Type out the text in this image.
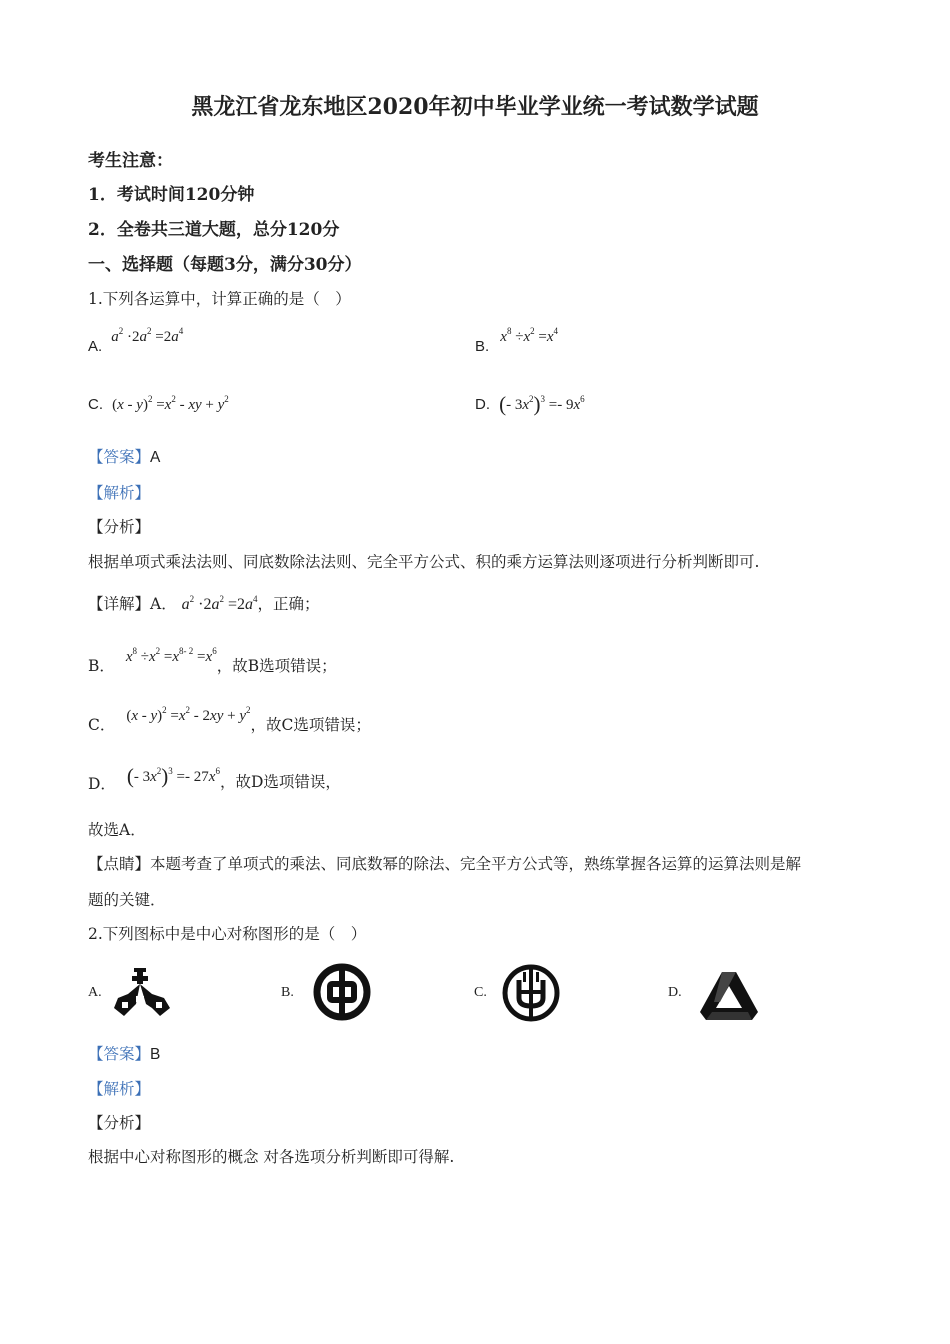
黑龙江省龙东地区2020年初中毕业学业统一考试数学试题
考生注意：
1．考试时间120分钟
2．全卷共三道大题，总分120分
一、选择题（每题3分，满分30分）
1.下列各运算中，计算正确的是（　）
A. $a^2 \cdot 2a^2 =2a^4$
B. $x^8 \div x^2 =x^4$
C. $(x - y)^2 =x^2$ - xy + $y^2$	D. (- $3x^2)^3 =- 9x^6$
【答案】A
【解析】
【分析】
根据单项式乘法法则、同底数除法法则、完全平方公式、积的乘方运算法则逐项进行分析判断即可.
【详解】A． $a^2 \cdot 2a^2 =2a^4$，正确；
B． $x^8 \div x^2 =x^{8- 2} =x^6$，故B选项错误；
C． $(x - y)^2 =x^2 - 2xy + y^2$，故C选项错误；
D． (- $3x^2)^3 =- 27x^6$，故D选项错误，
故选A．
【点睛】本题考查了单项式的乘法、同底数幂的除法、完全平方公式等，熟练掌握各运算的运算法则是解
题的关键．
2.下列图标中是中心对称图形的是（　）
A.	B.	C.	D.
【答案】B
【解析】
【分析】
根据中心对称图形的概念 对各选项分析判断即可得解.
